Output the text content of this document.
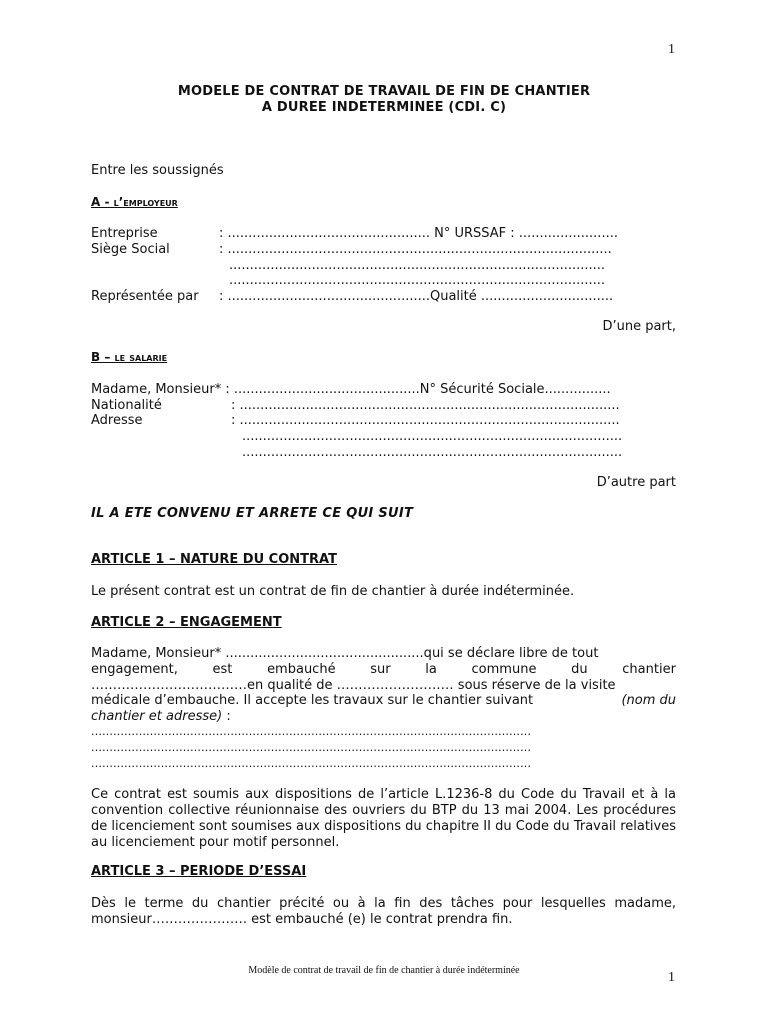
1
MODELE DE CONTRAT DE TRAVAIL DE FIN DE CHANTIER
A DUREE INDETERMINEE (CDI. C)
Entre les soussignés
A - l’employeur
Entreprise	: ................................................. N° URSSAF : ........................
Siège Social	: .............................................................................................
...........................................................................................
...........................................................................................
Représentée par : .................................................Qualité ................................
D’une part,
B – le salarie
Madame, Monsieur* : .............................................N° Sécurité Sociale................
Nationalité	: ............................................................................................
Adresse	: ............................................................................................
............................................................................................
............................................................................................
D’autre part
IL A ETE CONVENU ET ARRETE CE QUI SUIT
ARTICLE 1 – NATURE DU CONTRAT
Le présent contrat est un contrat de fin de chantier à durée indéterminée.
ARTICLE 2 – ENGAGEMENT
Madame, Monsieur* ................................................qui se déclare libre de tout
engagement,	est	embauché	sur	la	commune	du	chantier
………………………………en qualité de ……………………… sous réserve de la visite
médicale d’embauche. Il accepte les travaux sur le chantier suivant	(nom du
chantier et adresse) :
…………………………………………………………………………………………………………
…………………………………………………………………………………………………………
…………………………………………………………………………………………………………
Ce contrat est soumis aux dispositions de l’article L.1236-8 du Code du Travail et à la convention collective réunionnaise des ouvriers du BTP du 13 mai 2004. Les procédures de licenciement sont soumises aux dispositions du chapitre II du Code du Travail relatives au licenciement pour motif personnel.
ARTICLE 3 – PERIODE D’ESSAI
Dès le terme du chantier précité ou à la fin des tâches pour lesquelles madame, monsieur…………………. est embauché (e) le contrat prendra fin.
Modèle de contrat de travail de fin de chantier à durée indéterminée	1
